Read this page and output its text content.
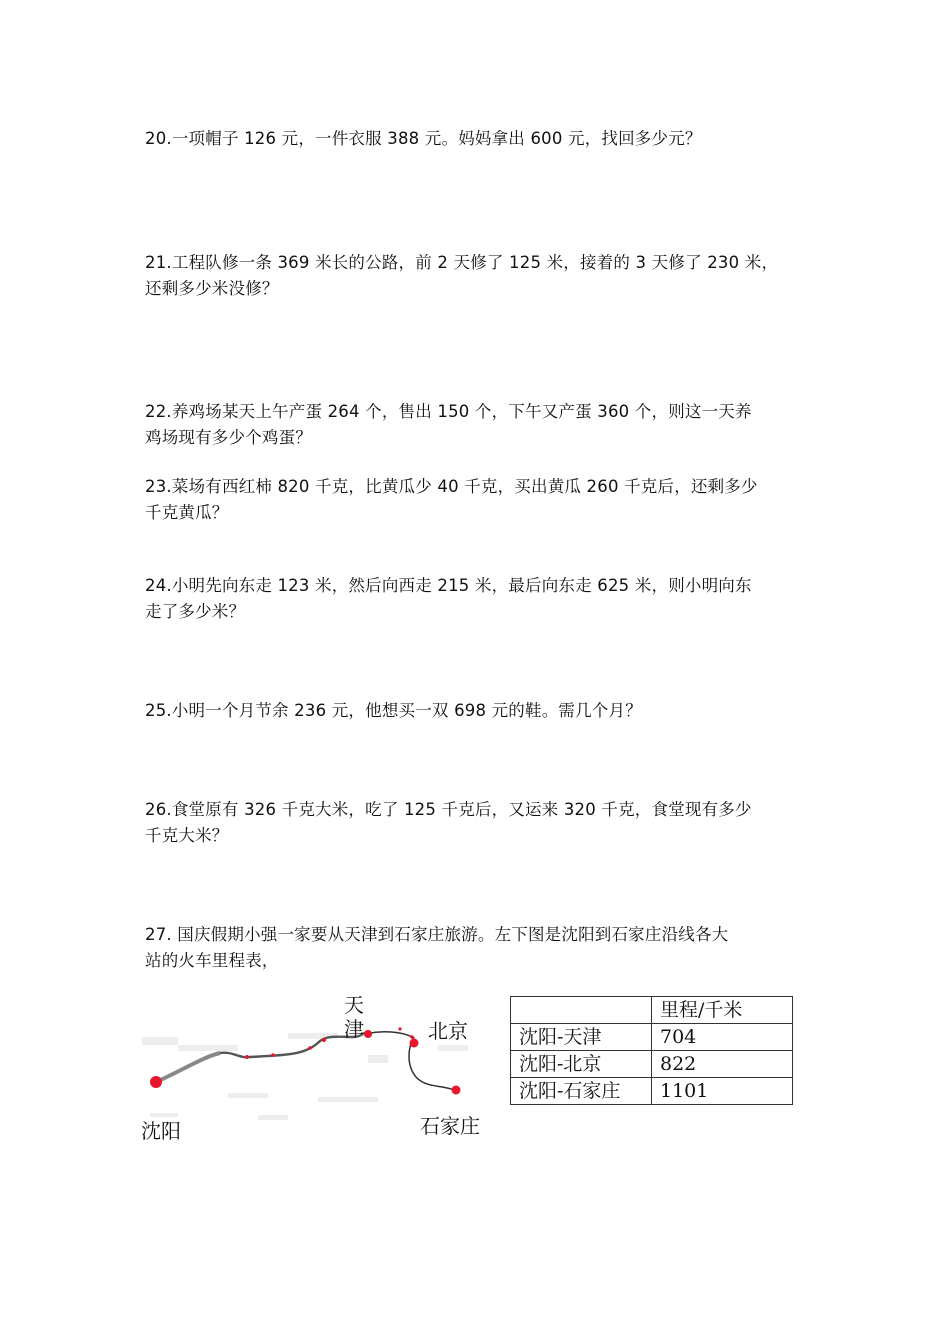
20.一项帽子 126 元，一件衣服 388 元。妈妈拿出 600 元，找回多少元？

21.工程队修一条 369 米长的公路，前 2 天修了 125 米，接着的 3 天修了 230 米，

还剩多少米没修？

22.养鸡场某天上午产蛋 264 个，售出 150 个，下午又产蛋 360 个，则这一天养

鸡场现有多少个鸡蛋？

23.菜场有西红柿 820 千克，比黄瓜少 40 千克，买出黄瓜 260 千克后，还剩多少

千克黄瓜？

24.小明先向东走 123 米，然后向西走 215 米，最后向东走 625 米，则小明向东

走了多少米？

25.小明一个月节余 236 元，他想买一双 698 元的鞋。需几个月？

26.食堂原有 326 千克大米，吃了 125 千克后，又运来 320 千克，食堂现有多少

千克大米？

27. 国庆假期小强一家要从天津到石家庄旅游。左下图是沈阳到石家庄沿线各大

站的火车里程表，

沈阳
天
津	北京
石家庄
	里程/千米
沈阳-天津	704
沈阳-北京	822
沈阳-石家庄	1101
